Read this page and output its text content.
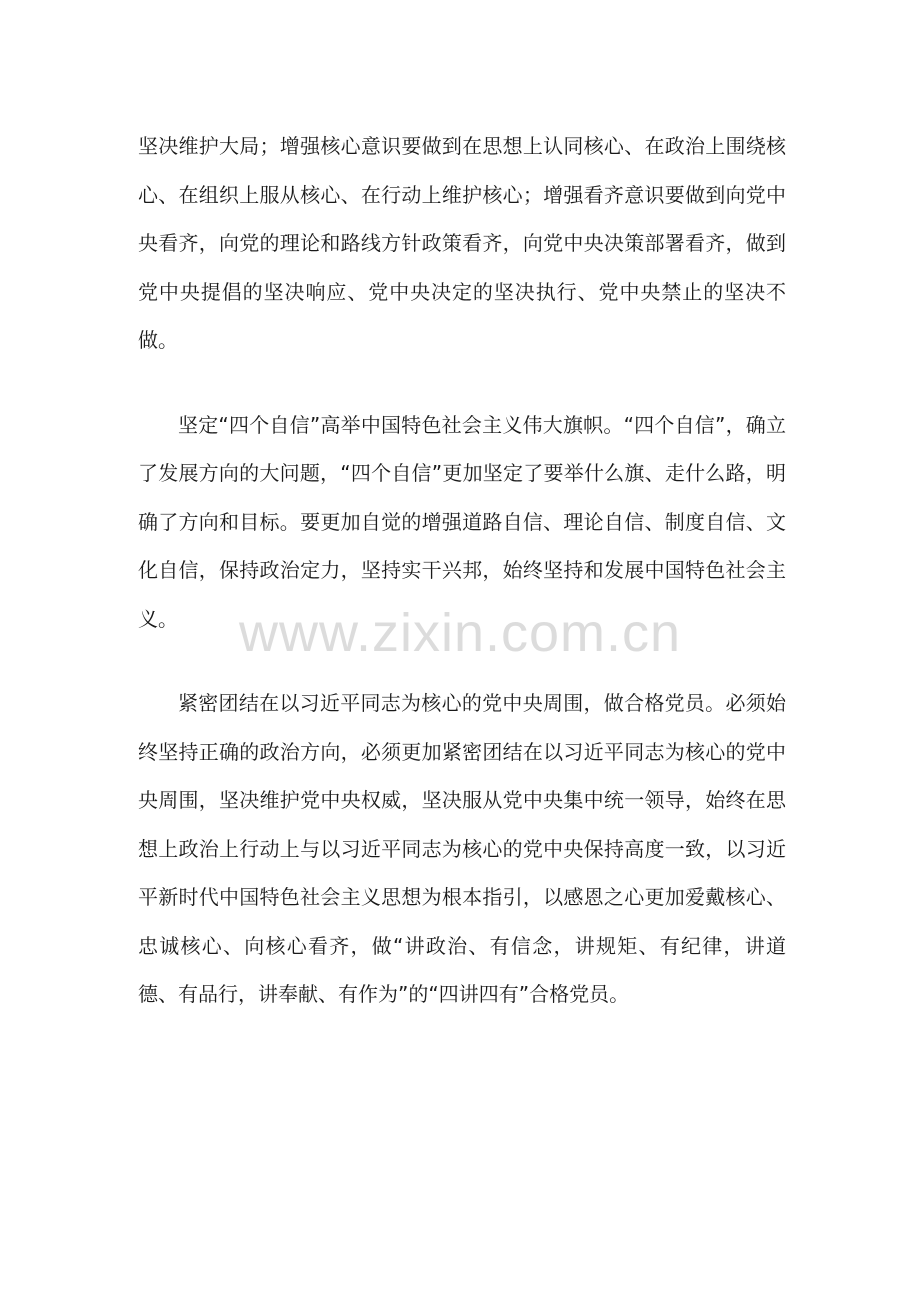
坚决维护大局；增强核心意识要做到在思想上认同核心、在政治上围绕核心、在组织上服从核心、在行动上维护核心；增强看齐意识要做到向党中央看齐，向党的理论和路线方针政策看齐，向党中央决策部署看齐，做到党中央提倡的坚决响应、党中央决定的坚决执行、党中央禁止的坚决不做。

坚定“四个自信”高举中国特色社会主义伟大旗帜。“四个自信”，确立了发展方向的大问题，“四个自信”更加坚定了要举什么旗、走什么路，明确了方向和目标。要更加自觉的增强道路自信、理论自信、制度自信、文化自信，保持政治定力，坚持实干兴邦，始终坚持和发展中国特色社会主义。

紧密团结在以习近平同志为核心的党中央周围，做合格党员。必须始终坚持正确的政治方向，必须更加紧密团结在以习近平同志为核心的党中央周围，坚决维护党中央权威，坚决服从党中央集中统一领导，始终在思想上政治上行动上与以习近平同志为核心的党中央保持高度一致，以习近平新时代中国特色社会主义思想为根本指引，以感恩之心更加爱戴核心、忠诚核心、向核心看齐，做“讲政治、有信念，讲规矩、有纪律，讲道德、有品行，讲奉献、有作为”的“四讲四有”合格党员。

www.zixin.com.cn
